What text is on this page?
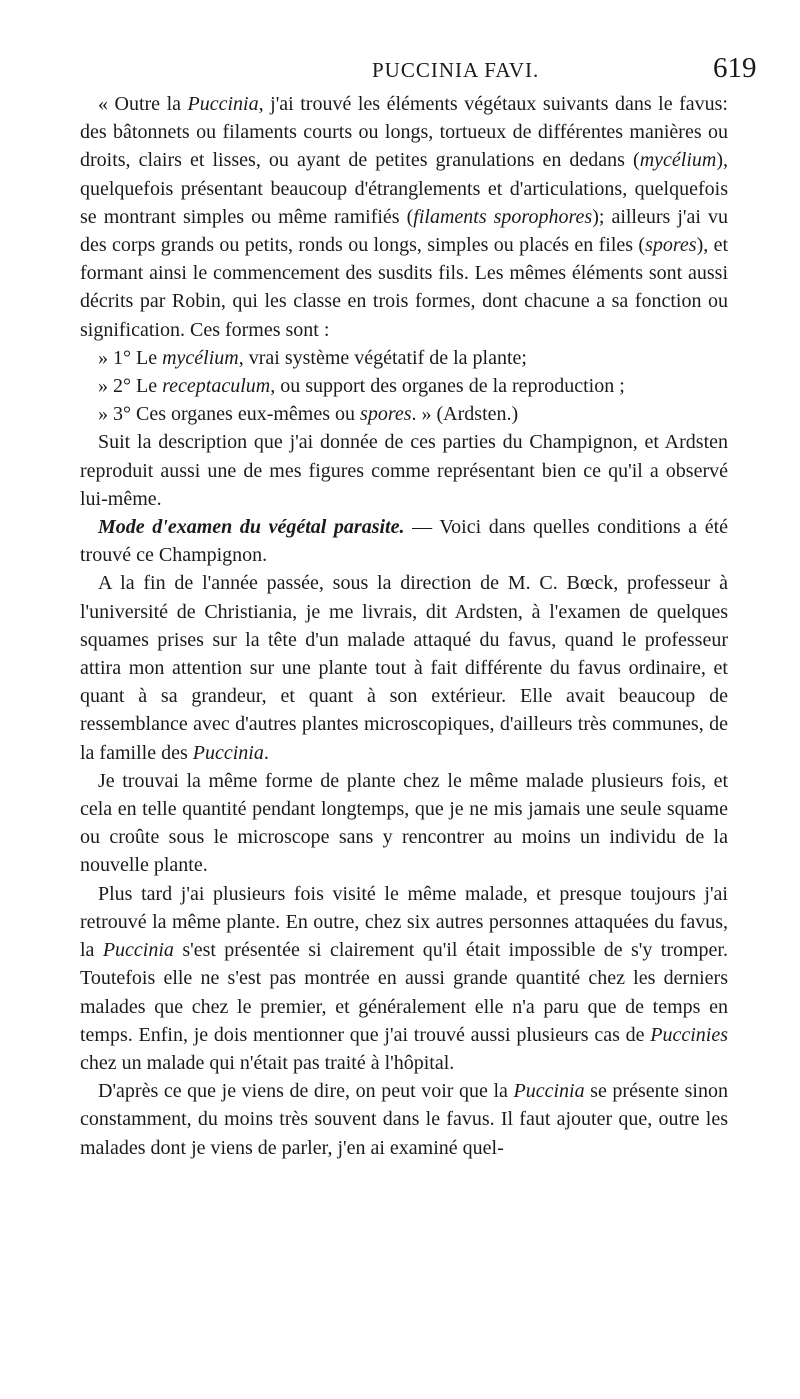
PUCCINIA FAVI.	619

« Outre la Puccinia, j'ai trouvé les éléments végétaux suivants dans le favus: des bâtonnets ou filaments courts ou longs, tortueux de différentes manières ou droits, clairs et lisses, ou ayant de petites granulations en dedans (mycélium), quelquefois présentant beaucoup d'étranglements et d'articulations, quelquefois se montrant simples ou même ramifiés (filaments sporophores); ailleurs j'ai vu des corps grands ou petits, ronds ou longs, simples ou placés en files (spores), et formant ainsi le commencement des susdits fils. Les mêmes éléments sont aussi décrits par Robin, qui les classe en trois formes, dont chacune a sa fonction ou signification. Ces formes sont :

» 1° Le mycélium, vrai système végétatif de la plante;

» 2° Le receptaculum, ou support des organes de la reproduction ;

» 3° Ces organes eux-mêmes ou spores. » (Ardsten.)

Suit la description que j'ai donnée de ces parties du Champignon, et Ardsten reproduit aussi une de mes figures comme représentant bien ce qu'il a observé lui-même.

Mode d'examen du végétal parasite. — Voici dans quelles conditions a été trouvé ce Champignon.

A la fin de l'année passée, sous la direction de M. C. Bœck, professeur à l'université de Christiania, je me livrais, dit Ardsten, à l'examen de quelques squames prises sur la tête d'un malade attaqué du favus, quand le professeur attira mon attention sur une plante tout à fait différente du favus ordinaire, et quant à sa grandeur, et quant à son extérieur. Elle avait beaucoup de ressemblance avec d'autres plantes microscopiques, d'ailleurs très communes, de la famille des Puccinia.

Je trouvai la même forme de plante chez le même malade plusieurs fois, et cela en telle quantité pendant longtemps, que je ne mis jamais une seule squame ou croûte sous le microscope sans y rencontrer au moins un individu de la nouvelle plante.

Plus tard j'ai plusieurs fois visité le même malade, et presque toujours j'ai retrouvé la même plante. En outre, chez six autres personnes attaquées du favus, la Puccinia s'est présentée si clairement qu'il était impossible de s'y tromper. Toutefois elle ne s'est pas montrée en aussi grande quantité chez les derniers malades que chez le premier, et généralement elle n'a paru que de temps en temps. Enfin, je dois mentionner que j'ai trouvé aussi plusieurs cas de Puccinies chez un malade qui n'était pas traité à l'hôpital.

D'après ce que je viens de dire, on peut voir que la Puccinia se présente sinon constamment, du moins très souvent dans le favus. Il faut ajouter que, outre les malades dont je viens de parler, j'en ai examiné quel-
